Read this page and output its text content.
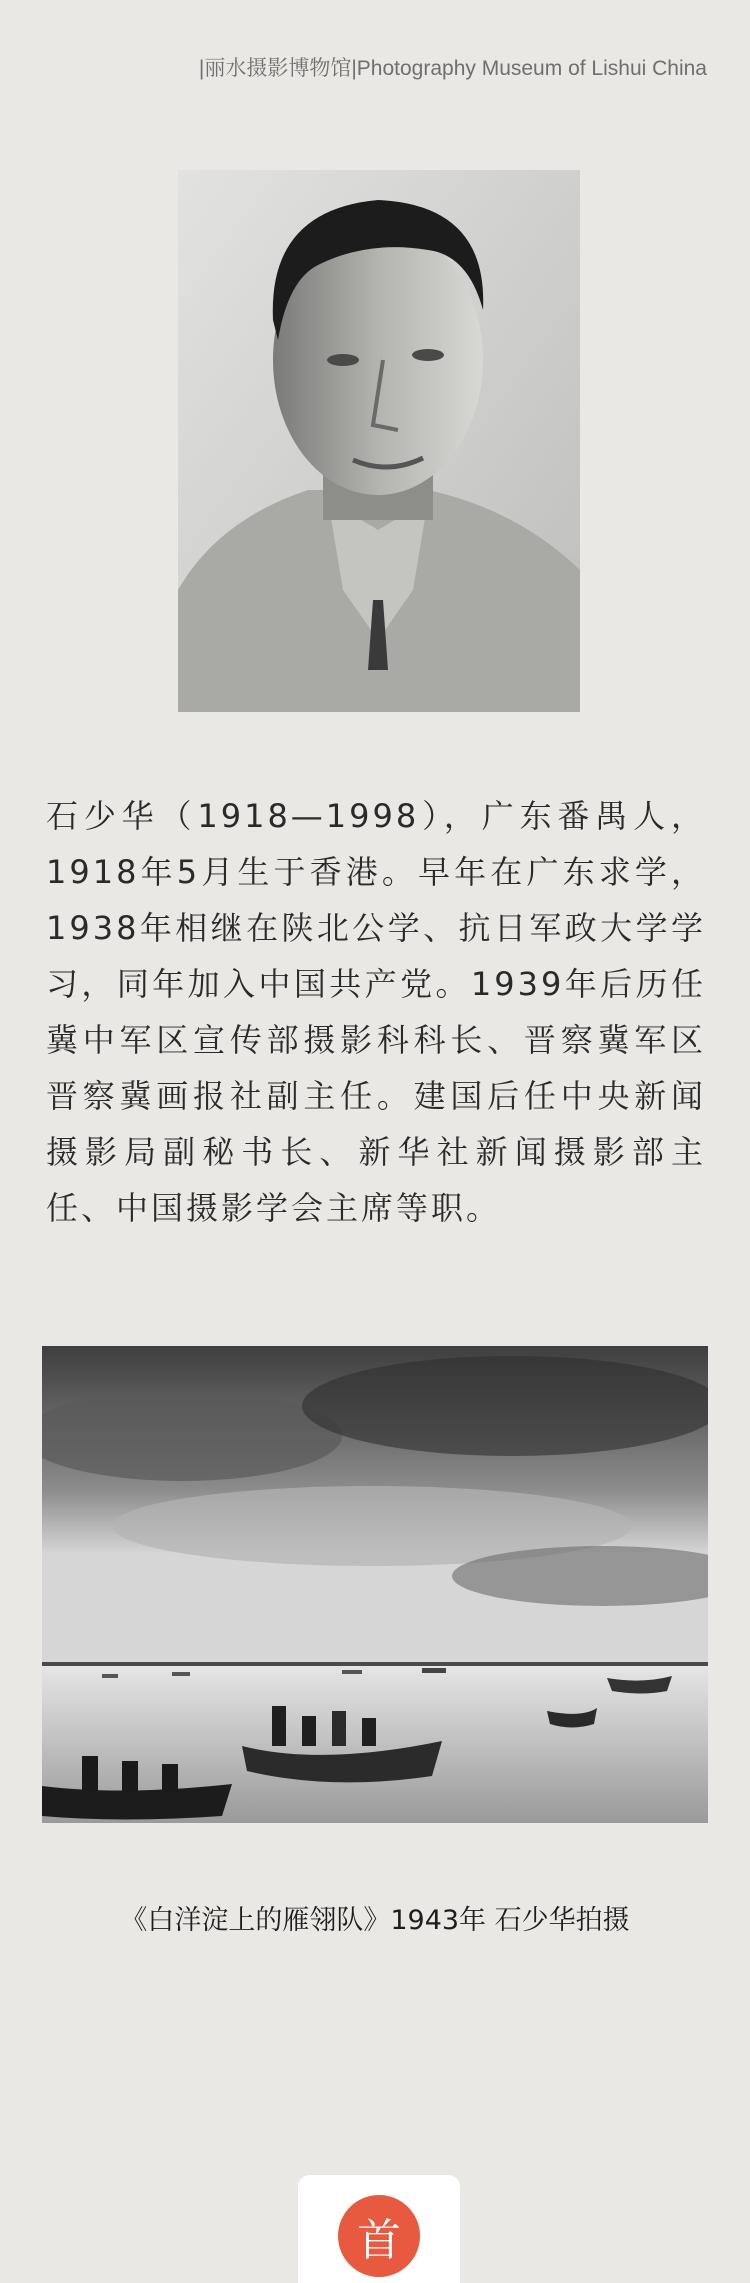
|丽水摄影博物馆|Photography Museum of Lishui China
石少华（1918—1998），广东番禺人，1918年5月生于香港。早年在广东求学，1938年相继在陕北公学、抗日军政大学学习，同年加入中国共产党。1939年后历任冀中军区宣传部摄影科科长、晋察冀军区晋察冀画报社副主任。建国后任中央新闻摄影局副秘书长、新华社新闻摄影部主任、中国摄影学会主席等职。
《白洋淀上的雁翎队》1943年 石少华拍摄
首
